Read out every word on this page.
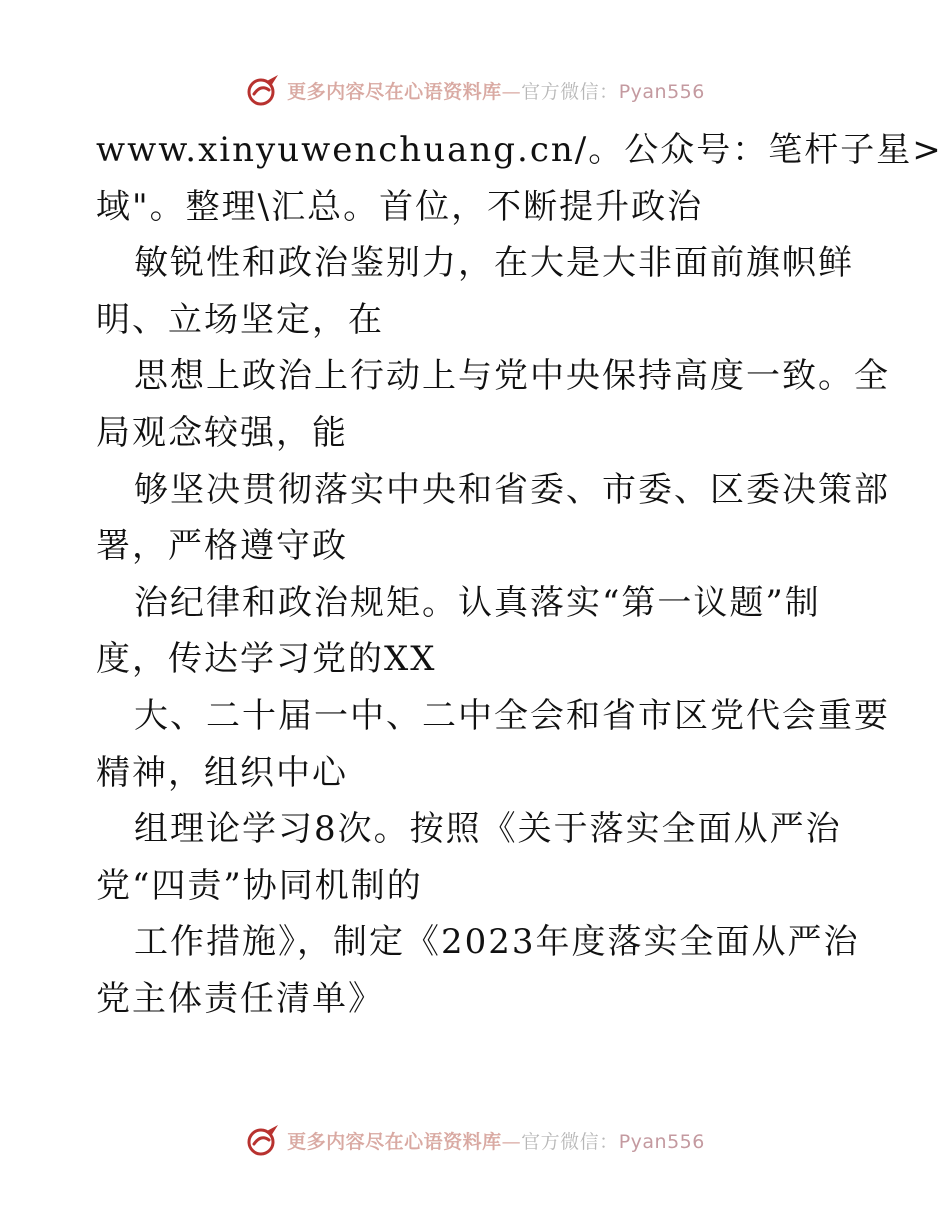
更多内容尽在心语资料库—官方微信：Pyan556
www.xinyuwenchuang.cn/。公众号：笔杆子星>
域"。整理\汇总。首位，不断提升政治
敏锐性和政治鉴别力，在大是大非面前旗帜鲜
明、立场坚定，在
思想上政治上行动上与党中央保持高度一致。全
局观念较强，能
够坚决贯彻落实中央和省委、市委、区委决策部
署，严格遵守政
治纪律和政治规矩。认真落实“第一议题”制
度，传达学习党的XX
大、二十届一中、二中全会和省市区党代会重要
精神，组织中心
组理论学习8次。按照《关于落实全面从严治
党“四责”协同机制的
工作措施》，制定《2023年度落实全面从严治
党主体责任清单》
更多内容尽在心语资料库—官方微信：Pyan556
